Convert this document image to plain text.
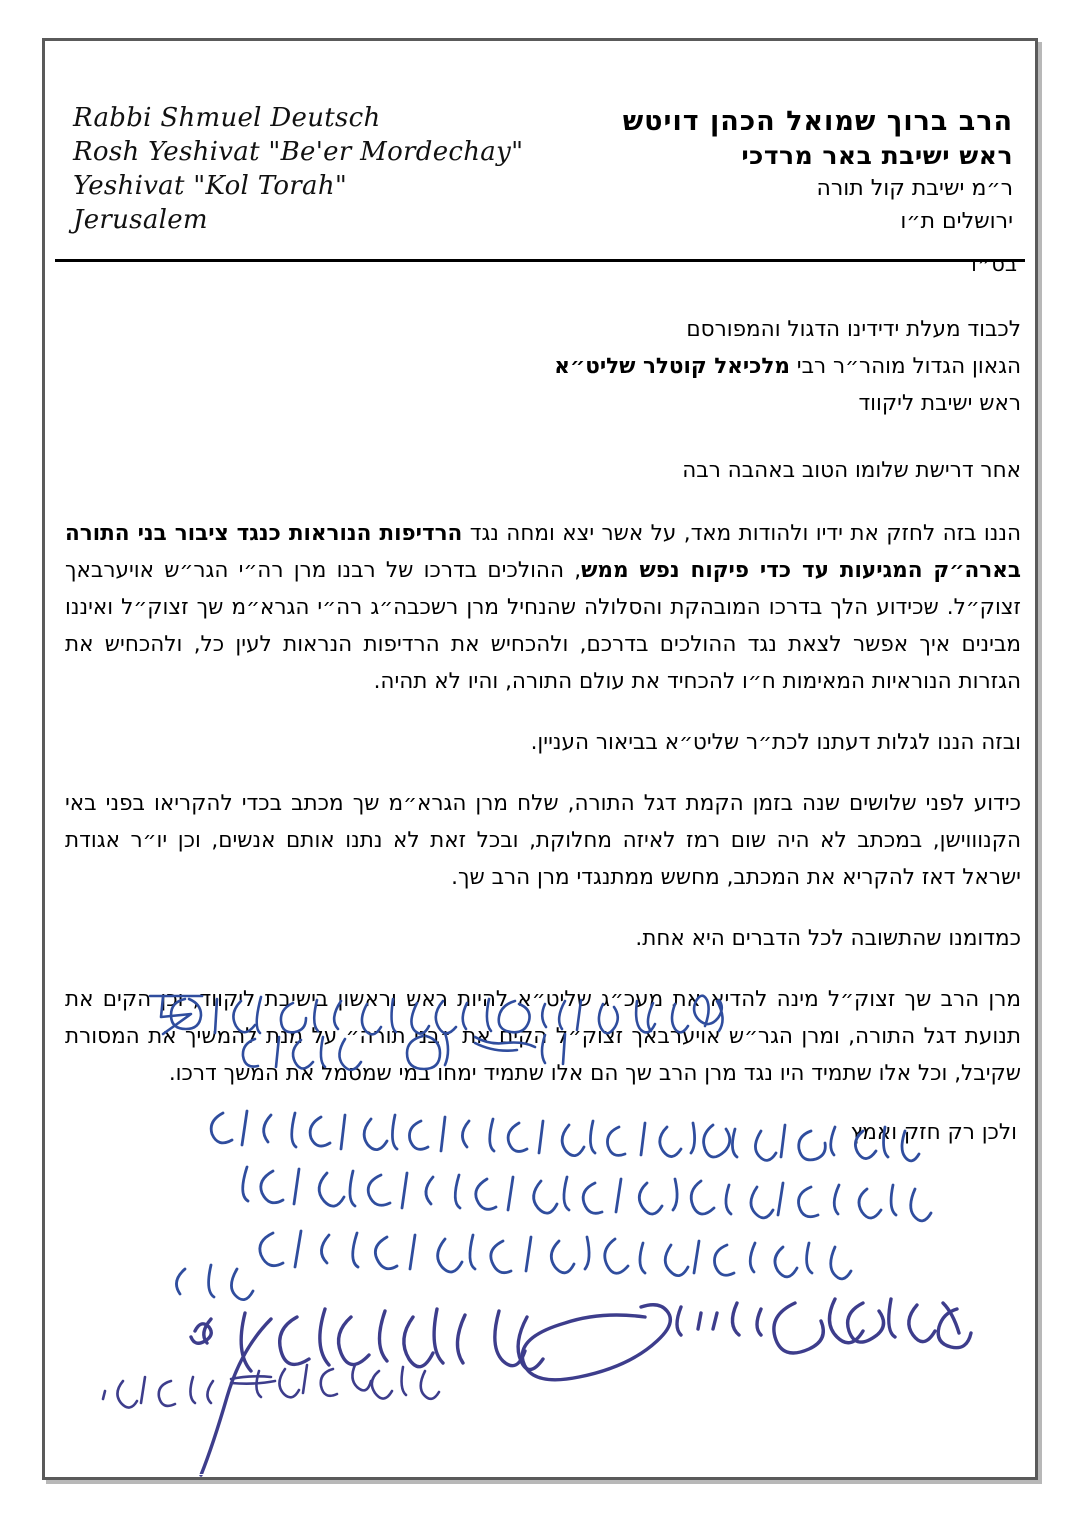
Rabbi Shmuel Deutsch
Rosh Yeshivat "Be'er Mordechay"
Yeshivat "Kol Torah"
Jerusalem
הרב ברוך שמואל הכהן דויטש
ראש ישיבת באר מרדכי
ר״מ ישיבת קול תורה
ירושלים ת״ו
בס״ד
לכבוד מעלת ידידינו הדגול והמפורסם
הגאון הגדול מוהר״ר רבי מלכיאל קוטלר שליט״א
ראש ישיבת ליקווד
אחר דרישת שלומו הטוב באהבה רבה

הננו בזה לחזק את ידיו ולהודות מאד, על אשר יצא ומחה נגד הרדיפות הנוראות כנגד ציבור בני התורה בארה״ק המגיעות עד כדי פיקוח נפש ממש, ההולכים בדרכו של רבנו מרן רה״י הגר״ש אויערבאך זצוק״ל. שכידוע הלך בדרכו המובהקת והסלולה שהנחיל מרן רשכבה״ג רה״י הגרא״מ שך זצוק״ל ואיננו מבינים איך אפשר לצאת נגד ההולכים בדרכם, ולהכחיש את הרדיפות הנראות לעין כל, ולהכחיש את הגזרות הנוראיות המאימות ח״ו להכחיד את עולם התורה, והיו לא תהיה.

ובזה הננו לגלות דעתנו לכת״ר שליט״א בביאור העניין.

כידוע לפני שלושים שנה בזמן הקמת דגל התורה, שלח מרן הגרא״מ שך מכתב בכדי להקריאו בפני באי הקנוווישן, במכתב לא היה שום רמז לאיזה מחלוקת, ובכל זאת לא נתנו אותם אנשים, וכן יו״ר אגודת ישראל דאז להקריא את המכתב, מחשש ממתנגדי מרן הרב שך.

כמדומנו שהתשובה לכל הדברים היא אחת.

מרן הרב שך זצוק״ל מינה להדיא את מעכ״ג שליט״א להיות ראש וראשון בישיבת ליקווד, וכן הקים את תנועת דגל התורה, ומרן הגר״ש אויערבאך זצוק״ל הקים את ״בני תורה״ על מנת להמשיך את המסורת שקיבל, וכל אלו שתמיד היו נגד מרן הרב שך הם אלו שתמיד ימחו במי שמסמל את המשך דרכו.

ולכן רק חזק ואמץ
